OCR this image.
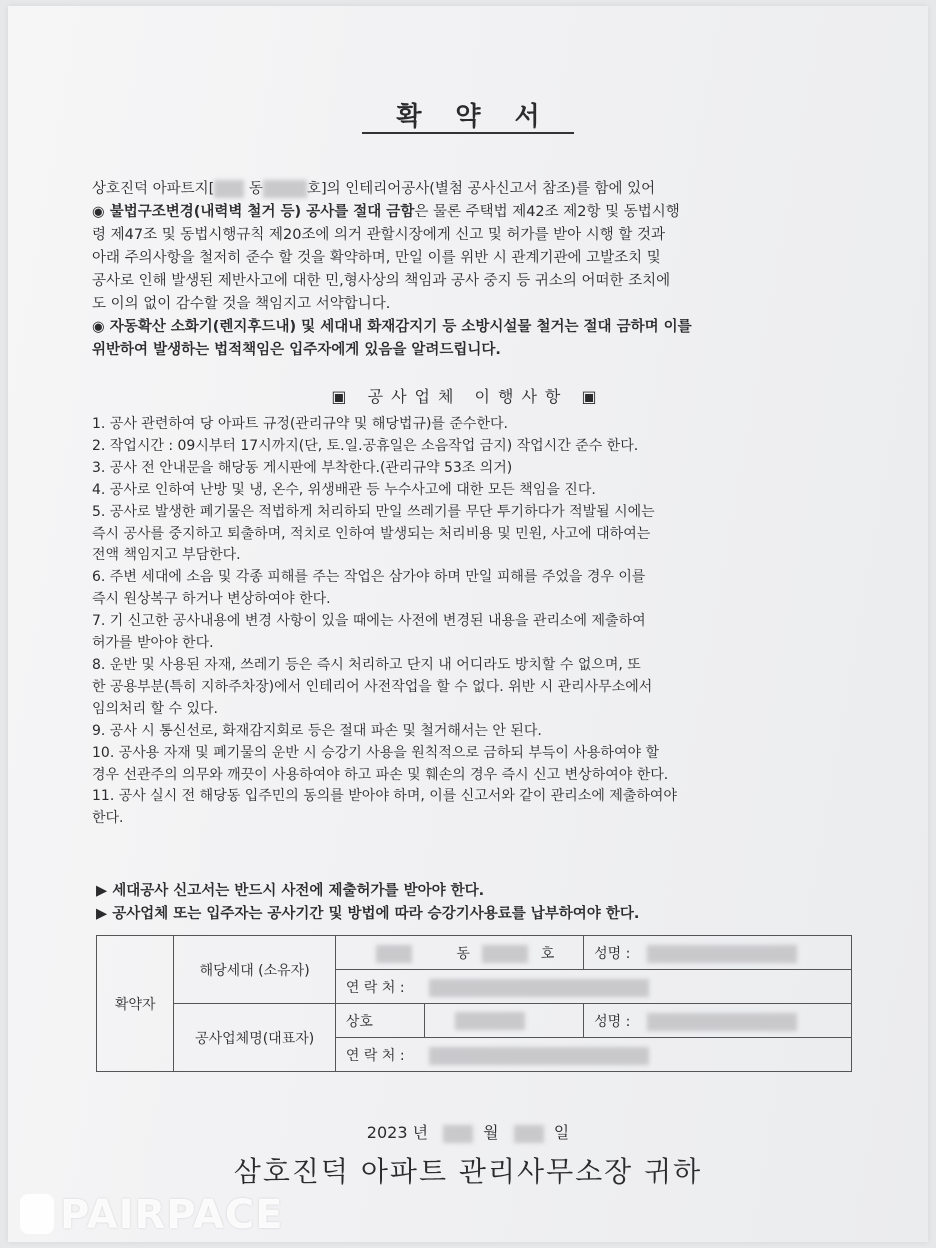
확약서
상호진덕 아파트지[ 동	호]의 인테리어공사(별첨 공사신고서 참조)를 함에 있어
◉ 불법구조변경(내력벽 철거 등) 공사를 절대 금함은 물론 주택법 제42조 제2항 및 동법시행
령 제47조 및 동법시행규칙 제20조에 의거 관할시장에게 신고 및 허가를 받아 시행 할 것과
아래 주의사항을 철저히 준수 할 것을 확약하며, 만일 이를 위반 시 관계기관에 고발조치 및
공사로 인해 발생된 제반사고에 대한 민,형사상의 책임과 공사 중지 등 귀소의 어떠한 조치에
도 이의 없이 감수할 것을 책임지고 서약합니다.
◉ 자동확산 소화기(렌지후드내) 및 세대내 화재감지기 등 소방시설물 철거는 절대 금하며 이를
위반하여 발생하는 법적책임은 입주자에게 있음을 알려드립니다.
▣ 공사업체 이행사항 ▣
1. 공사 관련하여 당 아파트 규정(관리규약 및 해당법규)를 준수한다.
2. 작업시간 : 09시부터 17시까지(단, 토.일.공휴일은 소음작업 금지) 작업시간 준수 한다.
3. 공사 전 안내문을 해당동 게시판에 부착한다.(관리규약 53조 의거)
4. 공사로 인하여 난방 및 냉, 온수, 위생배관 등 누수사고에 대한 모든 책임을 진다.
5. 공사로 발생한 폐기물은 적법하게 처리하되 만일 쓰레기를 무단 투기하다가 적발될 시에는
즉시 공사를 중지하고 퇴출하며, 적치로 인하여 발생되는 처리비용 및 민원, 사고에 대하여는
전액 책임지고 부담한다.
6. 주변 세대에 소음 및 각종 피해를 주는 작업은 삼가야 하며 만일 피해를 주었을 경우 이를
즉시 원상복구 하거나 변상하여야 한다.
7. 기 신고한 공사내용에 변경 사항이 있을 때에는 사전에 변경된 내용을 관리소에 제출하여
허가를 받아야 한다.
8. 운반 및 사용된 자재, 쓰레기 등은 즉시 처리하고 단지 내 어디라도 방치할 수 없으며, 또
한 공용부분(특히 지하주차장)에서 인테리어 사전작업을 할 수 없다. 위반 시 관리사무소에서
임의처리 할 수 있다.
9. 공사 시 통신선로, 화재감지회로 등은 절대 파손 및 철거해서는 안 된다.
10. 공사용 자재 및 폐기물의 운반 시 승강기 사용을 원칙적으로 금하되 부득이 사용하여야 할
경우 선관주의 의무와 깨끗이 사용하여야 하고 파손 및 훼손의 경우 즉시 신고 변상하여야 한다.
11. 공사 실시 전 해당동 입주민의 동의를 받아야 하며, 이를 신고서와 같이 관리소에 제출하여야
한다.
▶ 세대공사 신고서는 반드시 사전에 제출허가를 받아야 한다.
▶ 공사업체 또는 입주자는 공사기간 및 방법에 따라 승강기사용료를 납부하여야 한다.
확약자	해당세대 (소유자)	동 호		성명 :
		연 락 처 :		
	공사업체명(대표자)	상호		성명 :
		연 락 처 :		
2023 년	월	일
삼호진덕 아파트 관리사무소장 귀하
PAIRPACE
